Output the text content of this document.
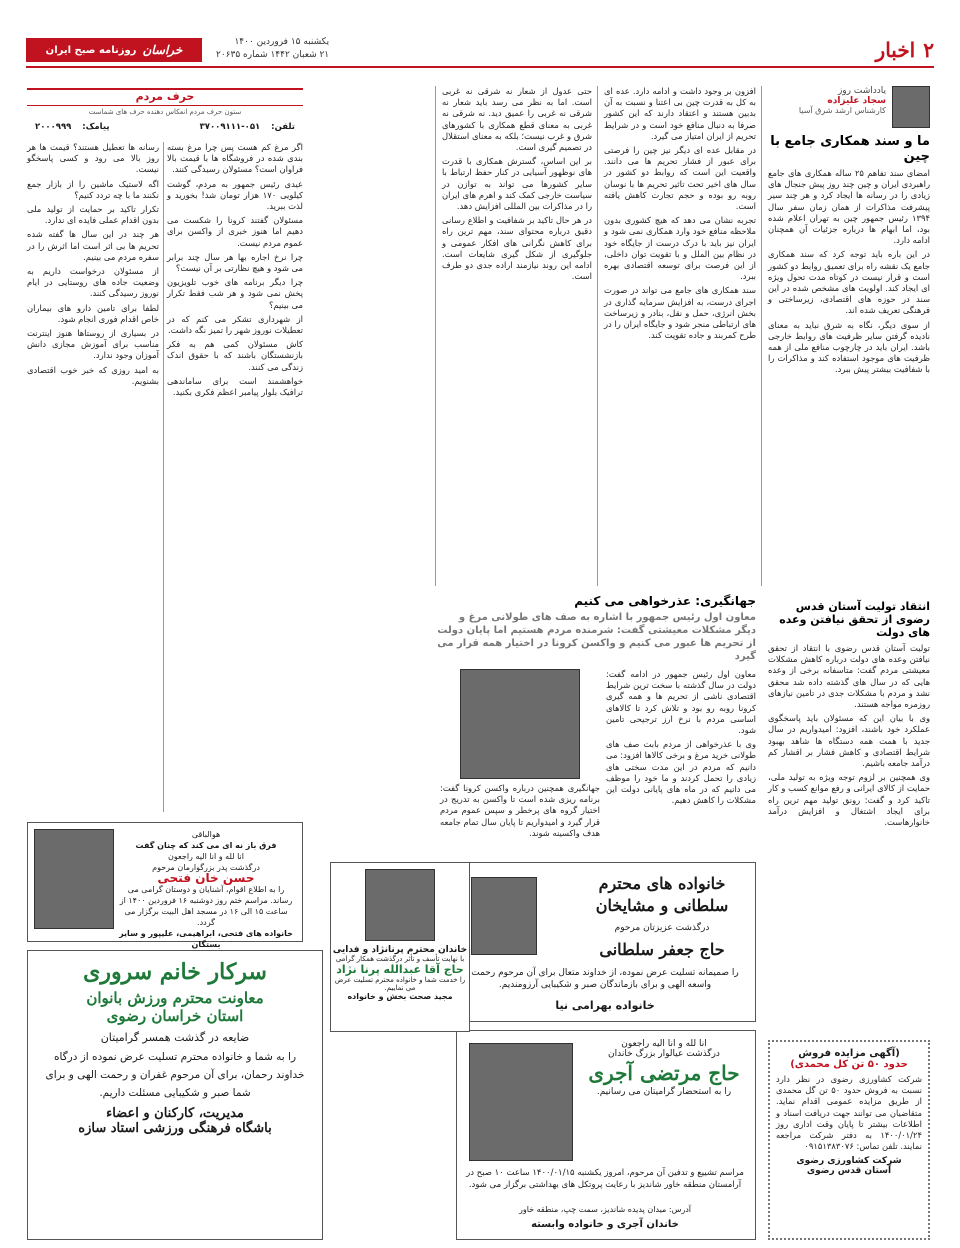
۲
اخبار
یکشنبه ۱۵ فروردین ۱۴۰۰
۲۱ شعبان ۱۴۴۲ شماره ۲۰۶۳۵
خراسان
روزنامه صبح ایران
یادداشت روز
سجاد علیزاده
کارشناس ارشد شرق آسیا
ما و سند همکاری جامع با چین

امضای سند تفاهم ۲۵ ساله همکاری های جامع راهبردی ایران و چین چند روز پیش جنجال های زیادی را در رسانه ها ایجاد کرد و هر چند سیر پیشرفت مذاکرات از همان زمان سفر سال ۱۳۹۴ رئیس جمهور چین به تهران اعلام شده بود، اما ابهام ها درباره جزئیات آن همچنان ادامه دارد.

در این باره باید توجه کرد که سند همکاری جامع یک نقشه راه برای تعمیق روابط دو کشور است و قرار نیست در کوتاه مدت تحول ویژه ای ایجاد کند. اولویت های مشخص شده در این سند در حوزه های اقتصادی، زیرساختی و فرهنگی تعریف شده اند.

از سوی دیگر، نگاه به شرق نباید به معنای نادیده گرفتن سایر ظرفیت های روابط خارجی باشد. ایران باید در چارچوب منافع ملی از همه ظرفیت های موجود استفاده کند و مذاکرات را با شفافیت بیشتر پیش ببرد.

افزون بر وجود داشت و ادامه دارد. عده ای به کل به قدرت چین بی اعتنا و نسبت به آن بدبین هستند و اعتقاد دارند که این کشور صرفا به دنبال منافع خود است و در شرایط تحریم از ایران امتیاز می گیرد.

در مقابل عده ای دیگر نیز چین را فرصتی برای عبور از فشار تحریم ها می دانند. واقعیت این است که روابط دو کشور در سال های اخیر تحت تاثیر تحریم ها با نوسان روبه رو بوده و حجم تجارت کاهش یافته است.

تجربه نشان می دهد که هیچ کشوری بدون ملاحظه منافع خود وارد همکاری نمی شود و ایران نیز باید با درک درست از جایگاه خود در نظام بین الملل و با تقویت توان داخلی، از این فرصت برای توسعه اقتصادی بهره ببرد.

سند همکاری های جامع می تواند در صورت اجرای درست، به افزایش سرمایه گذاری در بخش انرژی، حمل و نقل، بنادر و زیرساخت های ارتباطی منجر شود و جایگاه ایران را در طرح کمربند و جاده تقویت کند.

حتی عدول از شعار نه شرقی نه غربی است. اما به نظر می رسد باید شعار نه شرقی نه غربی را عمیق دید. نه شرقی نه غربی به معنای قطع همکاری با کشورهای شرق و غرب نیست؛ بلکه به معنای استقلال در تصمیم گیری است.

بر این اساس، گسترش همکاری با قدرت های نوظهور آسیایی در کنار حفظ ارتباط با سایر کشورها می تواند به توازن در سیاست خارجی کمک کند و اهرم های ایران را در مذاکرات بین المللی افزایش دهد.

در هر حال تاکید بر شفافیت و اطلاع رسانی دقیق درباره محتوای سند، مهم ترین راه برای کاهش نگرانی های افکار عمومی و جلوگیری از شکل گیری شایعات است. ادامه این روند نیازمند اراده جدی دو طرف است.

انتقاد تولیت آستان قدس رضوی از تحقق نیافتن وعده های دولت

تولیت آستان قدس رضوی با انتقاد از تحقق نیافتن وعده های دولت درباره کاهش مشکلات معیشتی مردم گفت: متاسفانه برخی از وعده هایی که در سال های گذشته داده شد محقق نشد و مردم با مشکلات جدی در تامین نیازهای روزمره مواجه هستند.

وی با بیان این که مسئولان باید پاسخگوی عملکرد خود باشند، افزود: امیدواریم در سال جدید با همت همه دستگاه ها شاهد بهبود شرایط اقتصادی و کاهش فشار بر اقشار کم درآمد جامعه باشیم.

وی همچنین بر لزوم توجه ویژه به تولید ملی، حمایت از کالای ایرانی و رفع موانع کسب و کار تاکید کرد و گفت: رونق تولید مهم ترین راه برای ایجاد اشتغال و افزایش درآمد خانوارهاست.

جهانگیری: عذرخواهی می کنیم
معاون اول رئیس جمهور با اشاره به صف های طولانی مرغ و دیگر مشکلات معیشتی گفت: شرمنده مردم هستیم اما پایان دولت از تحریم ها عبور می کنیم و واکسن کرونا در اختیار همه قرار می گیرد

معاون اول رئیس جمهور در ادامه گفت: دولت در سال گذشته با سخت ترین شرایط اقتصادی ناشی از تحریم ها و همه گیری کرونا روبه رو بود و تلاش کرد تا کالاهای اساسی مردم با نرخ ارز ترجیحی تامین شود.

وی با عذرخواهی از مردم بابت صف های طولانی خرید مرغ و برخی کالاها افزود: می دانیم که مردم در این مدت سختی های زیادی را تحمل کردند و ما خود را موظف می دانیم که در ماه های پایانی دولت این مشکلات را کاهش دهیم.

جهانگیری همچنین درباره واکسن کرونا گفت: برنامه ریزی شده است تا واکسن به تدریج در اختیار گروه های پرخطر و سپس عموم مردم قرار گیرد و امیدواریم تا پایان سال تمام جامعه هدف واکسینه شوند.

خانواده های محترم
سلطانی و مشایخان
درگذشت عزیزتان مرحوم
حاج جعفر سلطانی
را صمیمانه تسلیت عرض نموده، از خداوند متعال برای آن مرحوم رحمت واسعه الهی و برای بازماندگان صبر و شکیبایی آرزومندیم.
خانواده بهرامی نیا
انا لله و انا الیه راجعون
درگذشت عیالوار بزرگ خاندان
حاج مرتضی آجری
را به استحضار گرامیتان می رسانیم.
مراسم تشییع و تدفین آن مرحوم، امروز یکشنبه ۱۴۰۰/۰۱/۱۵ ساعت ۱۰ صبح در آرامستان منطقه خاور شاندیز با رعایت پروتکل های بهداشتی برگزار می شود.
آدرس: میدان پدیده شاندیز، سمت چپ، منطقه خاور
خاندان آجری و خانواده وابسته
(آگهی مزایده فروش
حدود ۵۰ تن کل محمدی)
شرکت کشاورزی رضوی در نظر دارد نسبت به فروش حدود ۵۰ تن گل محمدی از طریق مزایده عمومی اقدام نماید. متقاضیان می توانند جهت دریافت اسناد و اطلاعات بیشتر تا پایان وقت اداری روز ۱۴۰۰/۰۱/۲۴ به دفتر شرکت مراجعه نمایند. تلفن تماس: ۰۹۱۵۱۳۸۳۰۷۶
شرکت کشاورزی رضوی
آستان قدس رضوی
حرف مردم
ستون حرف مردم انعکاس دهنده حرف های شماست
تلفن: ۰۵۱-۳۷۰۰۹۱۱۱
پیامک: ۲۰۰۰۹۹۹

اگر مرغ کم هست پس چرا مرغ بسته بندی شده در فروشگاه ها با قیمت بالا فراوان است؟ مسئولان رسیدگی کنند.

عیدی رئیس جمهور به مردم، گوشت کیلویی ۱۷۰ هزار تومان شد! بخورید و لذت ببرید.

مسئولان گفتند کرونا را شکست می دهیم اما هنوز خبری از واکسن برای عموم مردم نیست.

چرا نرخ اجاره بها هر سال چند برابر می شود و هیچ نظارتی بر آن نیست؟

چرا دیگر برنامه های خوب تلویزیون پخش نمی شود و هر شب فقط تکرار می بینیم؟

از شهرداری تشکر می کنم که در تعطیلات نوروز شهر را تمیز نگه داشت.

کاش مسئولان کمی هم به فکر بازنشستگان باشند که با حقوق اندک زندگی می کنند.

خواهشمند است برای ساماندهی ترافیک بلوار پیامبر اعظم فکری بکنید.

رسانه ها تعطیل هستند؟ قیمت ها هر روز بالا می رود و کسی پاسخگو نیست.

اگه لاستیک ماشین را از بازار جمع نکنند ما با چه تردد کنیم؟

تکرار تاکید بر حمایت از تولید ملی بدون اقدام عملی فایده ای ندارد.

هر چند در این سال ها گفته شده تحریم ها بی اثر است اما اثرش را در سفره مردم می بینیم.

از مسئولان درخواست داریم به وضعیت جاده های روستایی در ایام نوروز رسیدگی کنند.

لطفا برای تامین دارو های بیماران خاص اقدام فوری انجام شود.

در بسیاری از روستاها هنوز اینترنت مناسب برای آموزش مجازی دانش آموزان وجود ندارد.

به امید روزی که خبر خوب اقتصادی بشنویم.

هوالباقی
فرق باز نه ای می کند که چنان گفت
انا لله و انا الیه راجعون
درگذشت پدر بزرگوارمان مرحوم
حسن خان فتحی
را به اطلاع اقوام، آشنایان و دوستان گرامی می رساند. مراسم ختم روز دوشنبه ۱۶ فروردین ۱۴۰۰ از ساعت ۱۵ الی ۱۶ در مسجد اهل البیت برگزار می گردد.
خانواده های فتحی، ابراهیمی، علیپور و سایر بستگان
خاندان محترم پرنانژاد و فدایی
با نهایت تأسف و تأثر درگذشت همکار گرامی
حاج آقا عبدالله پرنا نژاد
را خدمت شما و خانواده محترم تسلیت عرض می نماییم.
مجید صحت بخش و خانواده
سرکار خانم سروری
معاونت محترم ورزش بانوان
استان خراسان رضوی
ضایعه در گذشت همسر گرامیتان
را به شما و خانواده محترم تسلیت عرض نموده از درگاه خداوند رحمان، برای آن مرحوم غفران و رحمت الهی و برای شما صبر و شکیبایی مسئلت داریم.
مدیریت، کارکنان و اعضاء
باشگاه فرهنگی ورزشی استاد سازه
